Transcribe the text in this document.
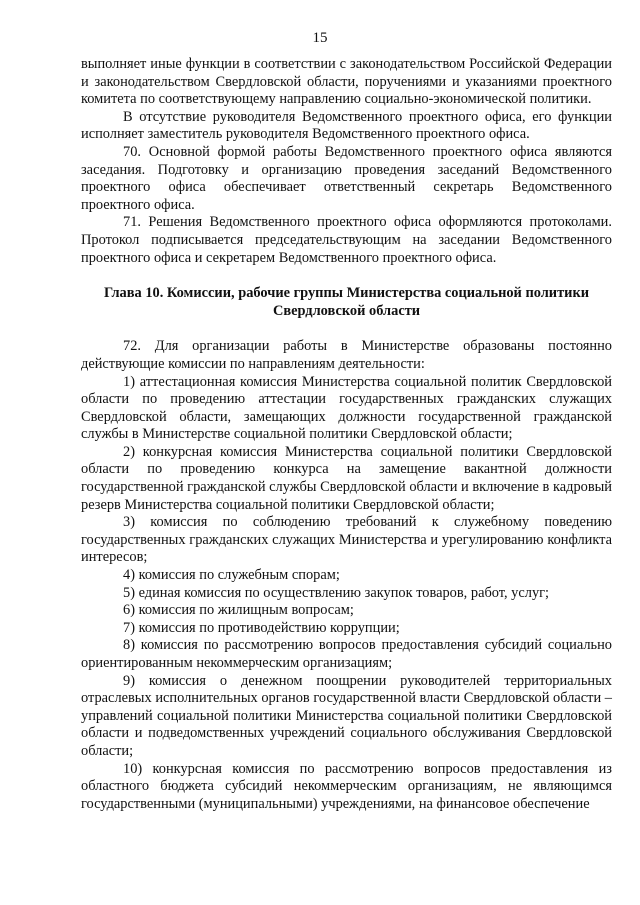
15

выполняет иные функции в соответствии с законодательством Российской Федерации и законодательством Свердловской области, поручениями и указаниями проектного комитета по соответствующему направлению социально-экономической политики.

В отсутствие руководителя Ведомственного проектного офиса, его функции исполняет заместитель руководителя Ведомственного проектного офиса.

70. Основной формой работы Ведомственного проектного офиса являются заседания. Подготовку и организацию проведения заседаний Ведомственного проектного офиса обеспечивает ответственный секретарь Ведомственного проектного офиса.

71. Решения Ведомственного проектного офиса оформляются протоколами. Протокол подписывается председательствующим на заседании Ведомственного проектного офиса и секретарем Ведомственного проектного офиса.

Глава 10. Комиссии, рабочие группы Министерства социальной политики Свердловской области

72. Для организации работы в Министерстве образованы постоянно действующие комиссии по направлениям деятельности:

1) аттестационная комиссия Министерства социальной политик Свердловской области по проведению аттестации государственных гражданских служащих Свердловской области, замещающих должности государственной гражданской службы в Министерстве социальной политики Свердловской области;

2) конкурсная комиссия Министерства социальной политики Свердловской области по проведению конкурса на замещение вакантной должности государственной гражданской службы Свердловской области и включение в кадровый резерв Министерства социальной политики Свердловской области;

3) комиссия по соблюдению требований к служебному поведению государственных гражданских служащих Министерства и урегулированию конфликта интересов;

4) комиссия по служебным спорам;

5) единая комиссия по осуществлению закупок товаров, работ, услуг;

6) комиссия по жилищным вопросам;

7) комиссия по противодействию коррупции;

8) комиссия по рассмотрению вопросов предоставления субсидий социально ориентированным некоммерческим организациям;

9) комиссия о денежном поощрении руководителей территориальных отраслевых исполнительных органов государственной власти Свердловской области – управлений социальной политики Министерства социальной политики Свердловской области и подведомственных учреждений социального обслуживания Свердловской области;

10) конкурсная комиссия по рассмотрению вопросов предоставления из областного бюджета субсидий некоммерческим организациям, не являющимся государственными (муниципальными) учреждениями, на финансовое обеспечение
